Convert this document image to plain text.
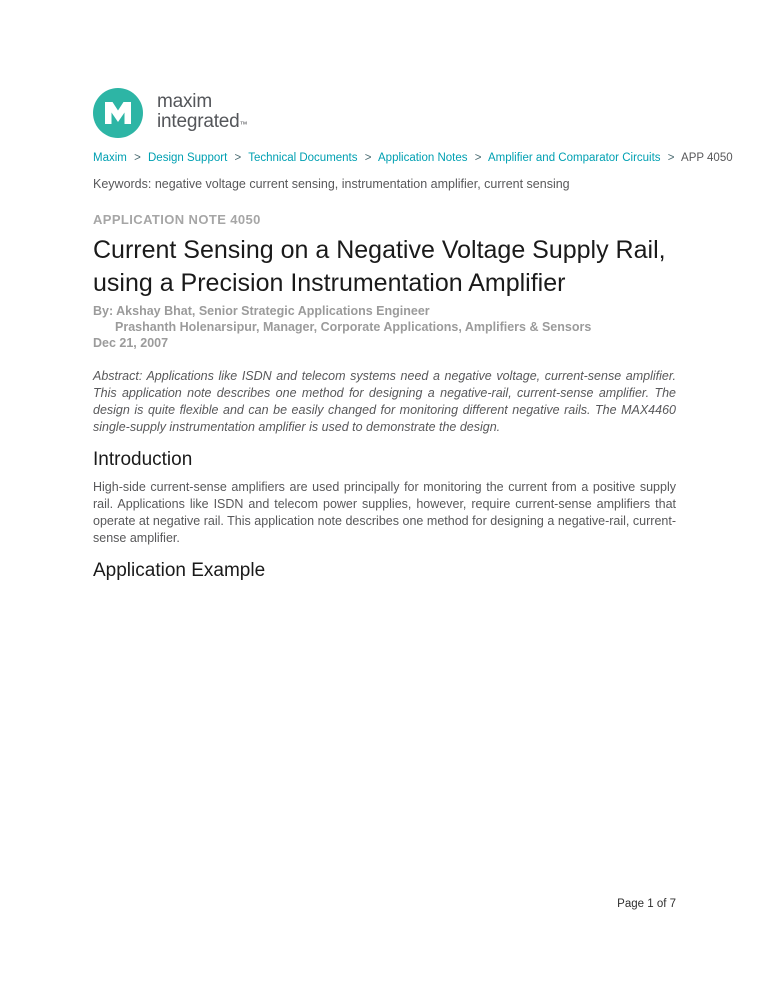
maxim
integrated™
Maxim > Design Support > Technical Documents > Application Notes > Amplifier and Comparator Circuits > APP 4050
Keywords: negative voltage current sensing, instrumentation amplifier, current sensing
APPLICATION NOTE 4050
Current Sensing on a Negative Voltage Supply Rail, using a Precision Instrumentation Amplifier
By: Akshay Bhat, Senior Strategic Applications Engineer
Prashanth Holenarsipur, Manager, Corporate Applications, Amplifiers & Sensors
Dec 21, 2007

Abstract: Applications like ISDN and telecom systems need a negative voltage, current-sense amplifier. This application note describes one method for designing a negative-rail, current-sense amplifier. The design is quite flexible and can be easily changed for monitoring different negative rails. The MAX4460 single-supply instrumentation amplifier is used to demonstrate the design.

Introduction

High-side current-sense amplifiers are used principally for monitoring the current from a positive supply rail. Applications like ISDN and telecom power supplies, however, require current-sense amplifiers that operate at negative rail. This application note describes one method for designing a negative-rail, current-sense amplifier.

Application Example
Page 1 of 7
